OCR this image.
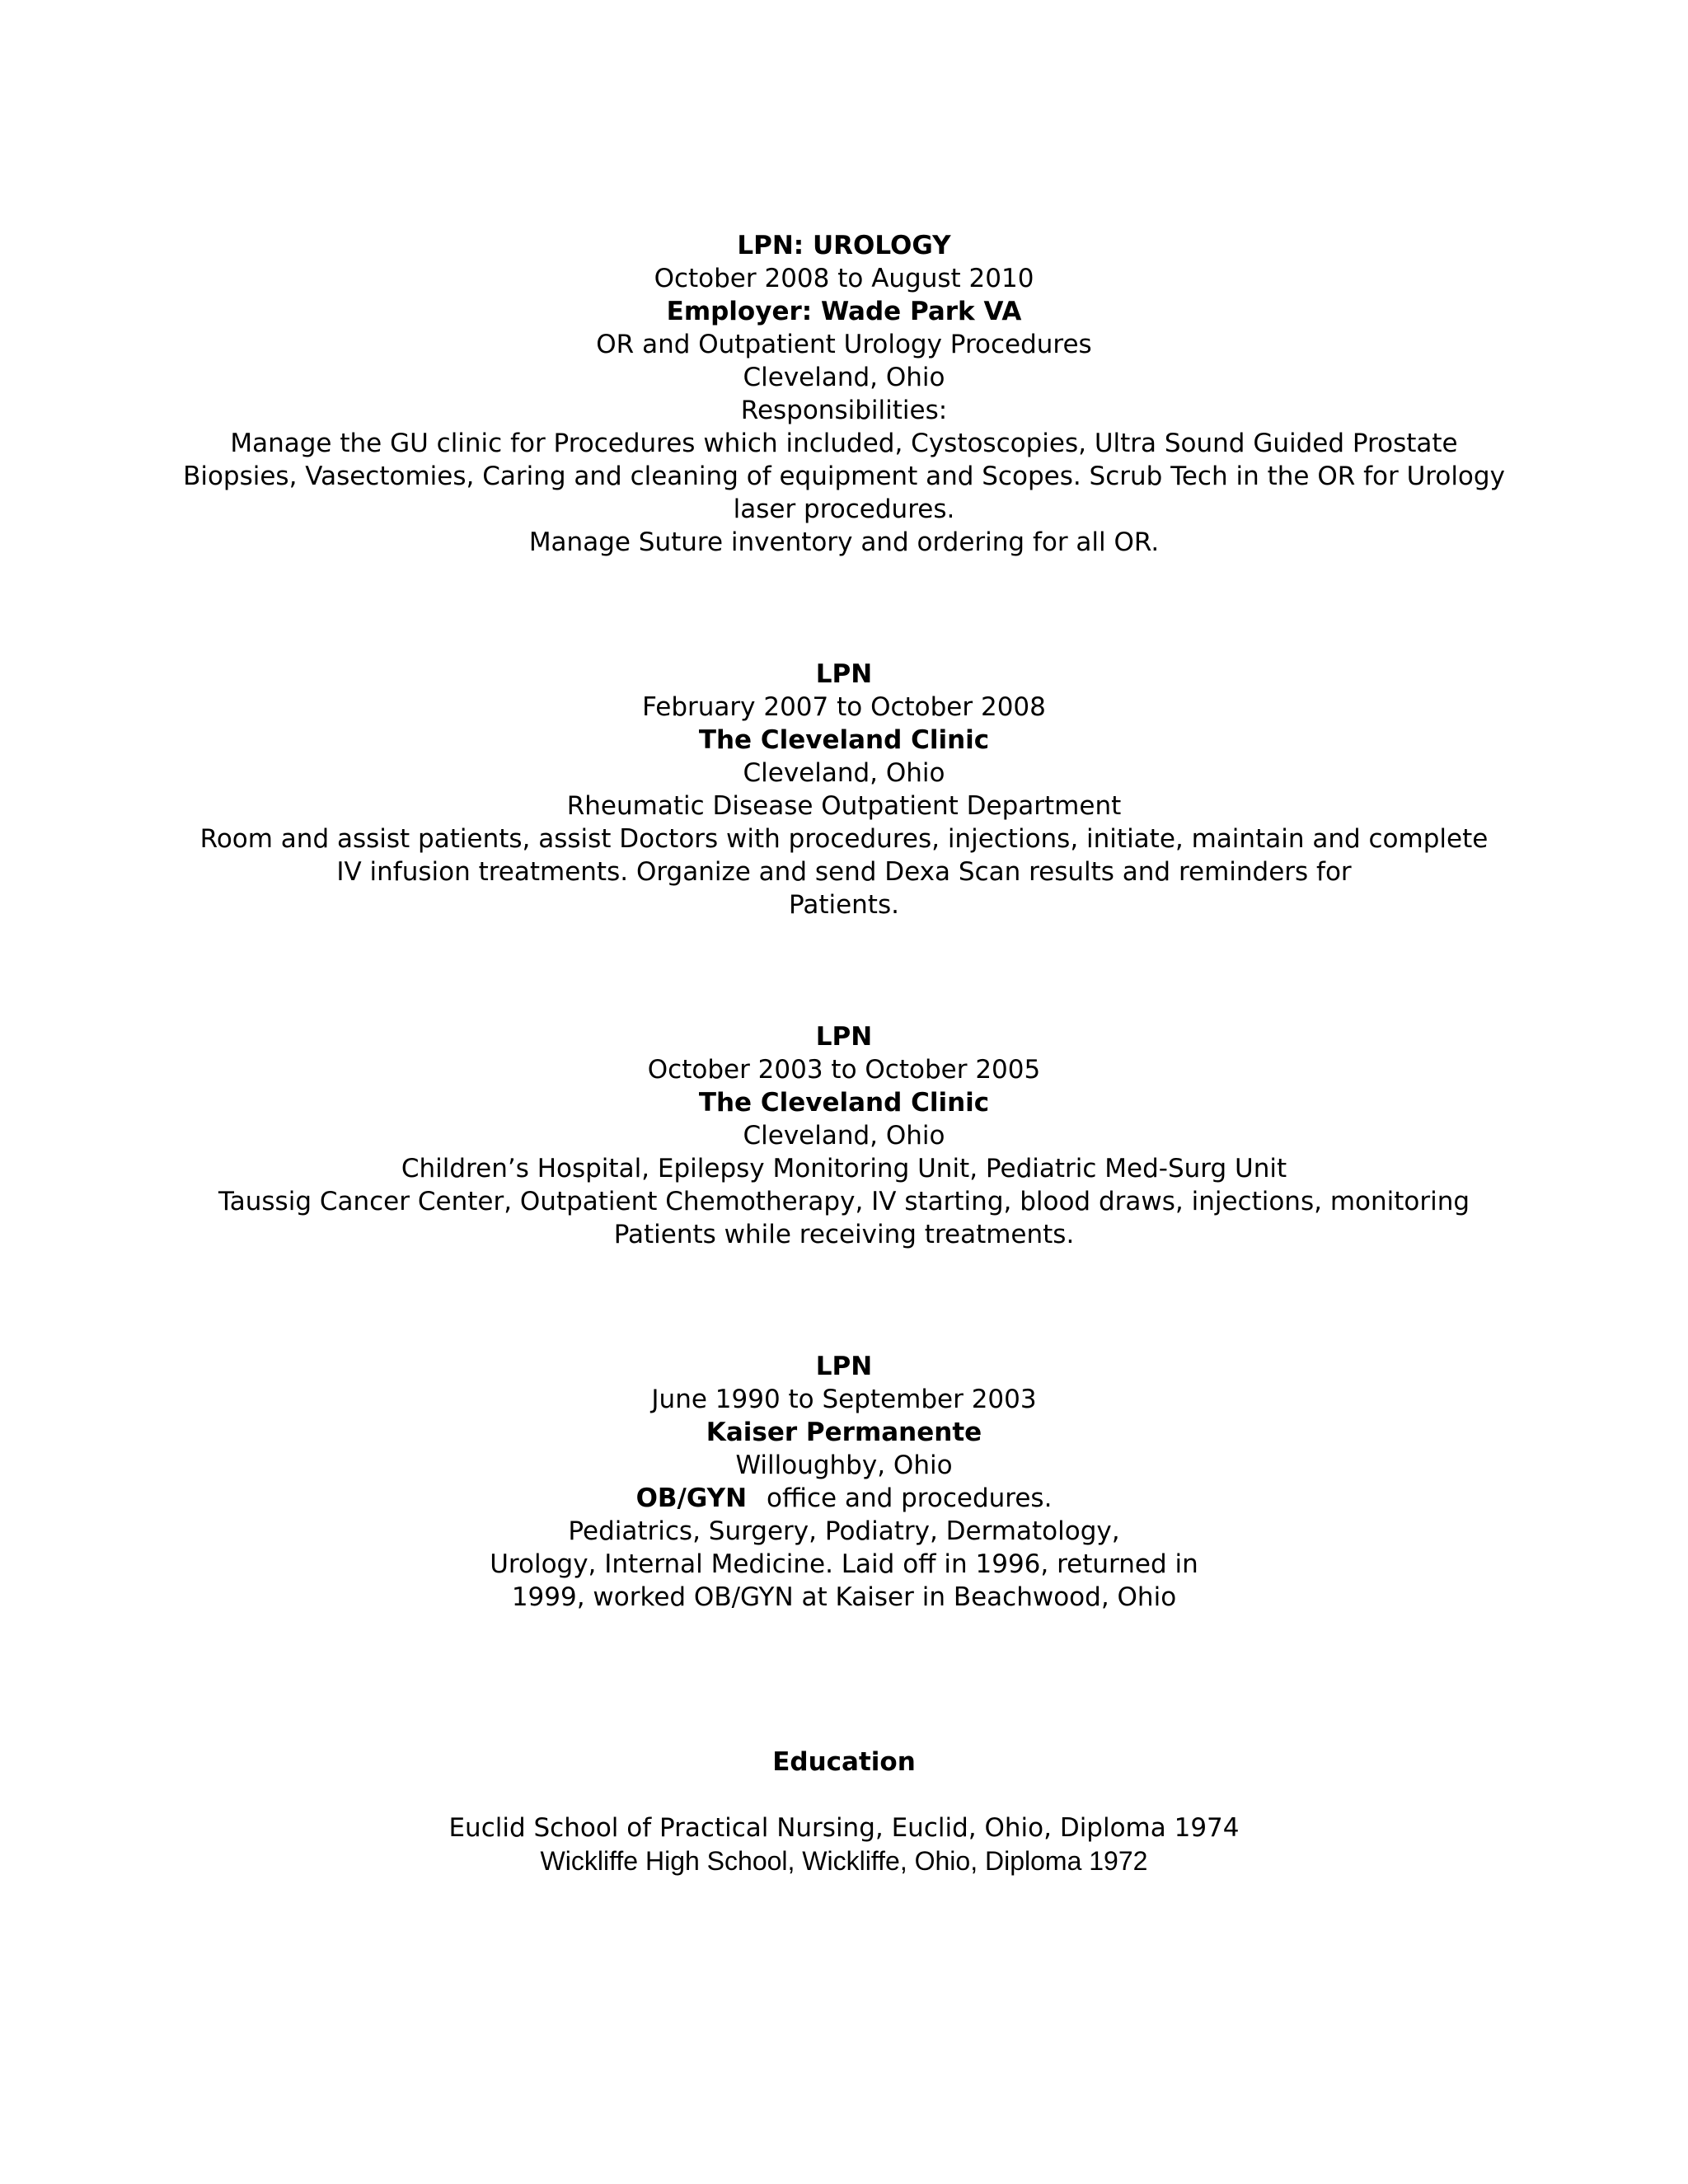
LPN: UROLOGY
October 2008 to August 2010
Employer: Wade Park VA
OR and Outpatient Urology Procedures
Cleveland, Ohio
Responsibilities:
Manage the GU clinic for Procedures which included, Cystoscopies, Ultra Sound Guided Prostate
Biopsies, Vasectomies, Caring and cleaning of equipment and Scopes. Scrub Tech in the OR for Urology
laser procedures.
Manage Suture inventory and ordering for all OR.
LPN
February 2007 to October 2008
The Cleveland Clinic
Cleveland, Ohio
Rheumatic Disease Outpatient Department
Room and assist patients, assist Doctors with procedures, injections, initiate, maintain and complete
IV infusion treatments. Organize and send Dexa Scan results and reminders for
Patients.
LPN
October 2003 to October 2005
The Cleveland Clinic
Cleveland, Ohio
Children’s Hospital, Epilepsy Monitoring Unit, Pediatric Med-Surg Unit
Taussig Cancer Center, Outpatient Chemotherapy, IV starting, blood draws, injections, monitoring
Patients while receiving treatments.
LPN
June 1990 to September 2003
Kaiser Permanente
Willoughby, Ohio
OB/GYN office and procedures.
Pediatrics, Surgery, Podiatry, Dermatology,
Urology, Internal Medicine. Laid off in 1996, returned in
1999, worked OB/GYN at Kaiser in Beachwood, Ohio
Education
Euclid School of Practical Nursing, Euclid, Ohio, Diploma 1974
Wickliffe High School, Wickliffe, Ohio, Diploma 1972
